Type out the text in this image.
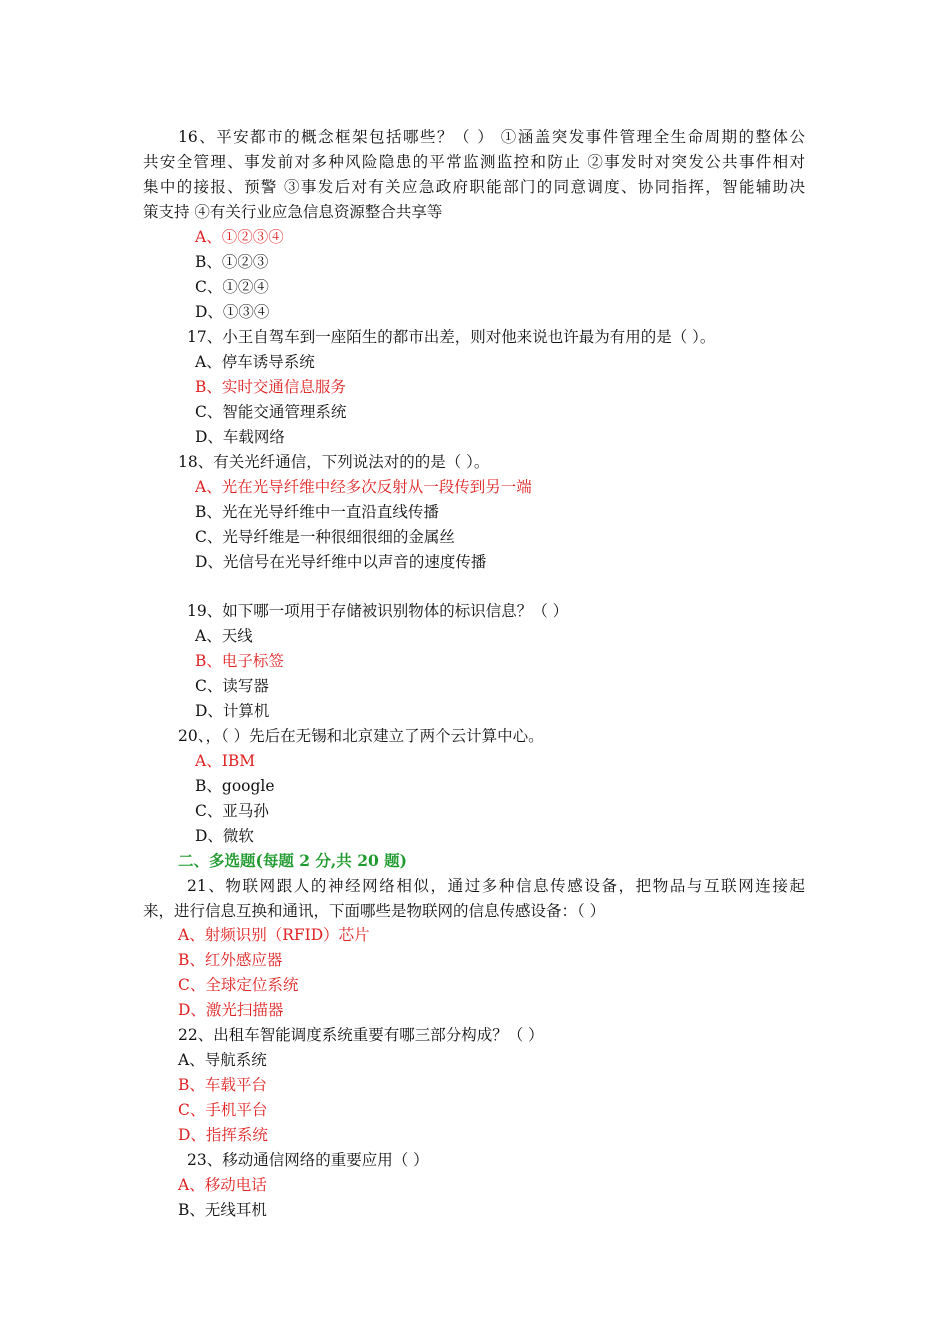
16、平安都市的概念框架包括哪些？（ ） ①涵盖突发事件管理全生命周期的整体公
共安全管理、事发前对多种风险隐患的平常监测监控和防止 ②事发时对突发公共事件相对
集中的接报、预警 ③事发后对有关应急政府职能部门的同意调度、协同指挥，智能辅助决
策支持 ④有关行业应急信息资源整合共享等
A、①②③④
B、①②③
C、①②④
D、①③④
17、小王自驾车到一座陌生的都市出差，则对他来说也许最为有用的是（ ）。
A、停车诱导系统
B、实时交通信息服务
C、智能交通管理系统
D、车载网络
18、有关光纤通信，下列说法对的的是（ ）。
A、光在光导纤维中经多次反射从一段传到另一端
B、光在光导纤维中一直沿直线传播
C、光导纤维是一种很细很细的金属丝
D、光信号在光导纤维中以声音的速度传播
19、如下哪一项用于存储被识别物体的标识信息？（ ）
A、天线
B、电子标签
C、读写器
D、计算机
20、，（ ）先后在无锡和北京建立了两个云计算中心。
A、IBM
B、google
C、亚马孙
D、微软
二、多选题(每题 2 分,共 20 题)
21、物联网跟人的神经网络相似，通过多种信息传感设备，把物品与互联网连接起
来，进行信息互换和通讯，下面哪些是物联网的信息传感设备：（ ）
A、射频识别（RFID）芯片
B、红外感应器
C、全球定位系统
D、激光扫描器
22、出租车智能调度系统重要有哪三部分构成？（ ）
A、导航系统
B、车载平台
C、手机平台
D、指挥系统
23、移动通信网络的重要应用（ ）
A、移动电话
B、无线耳机
